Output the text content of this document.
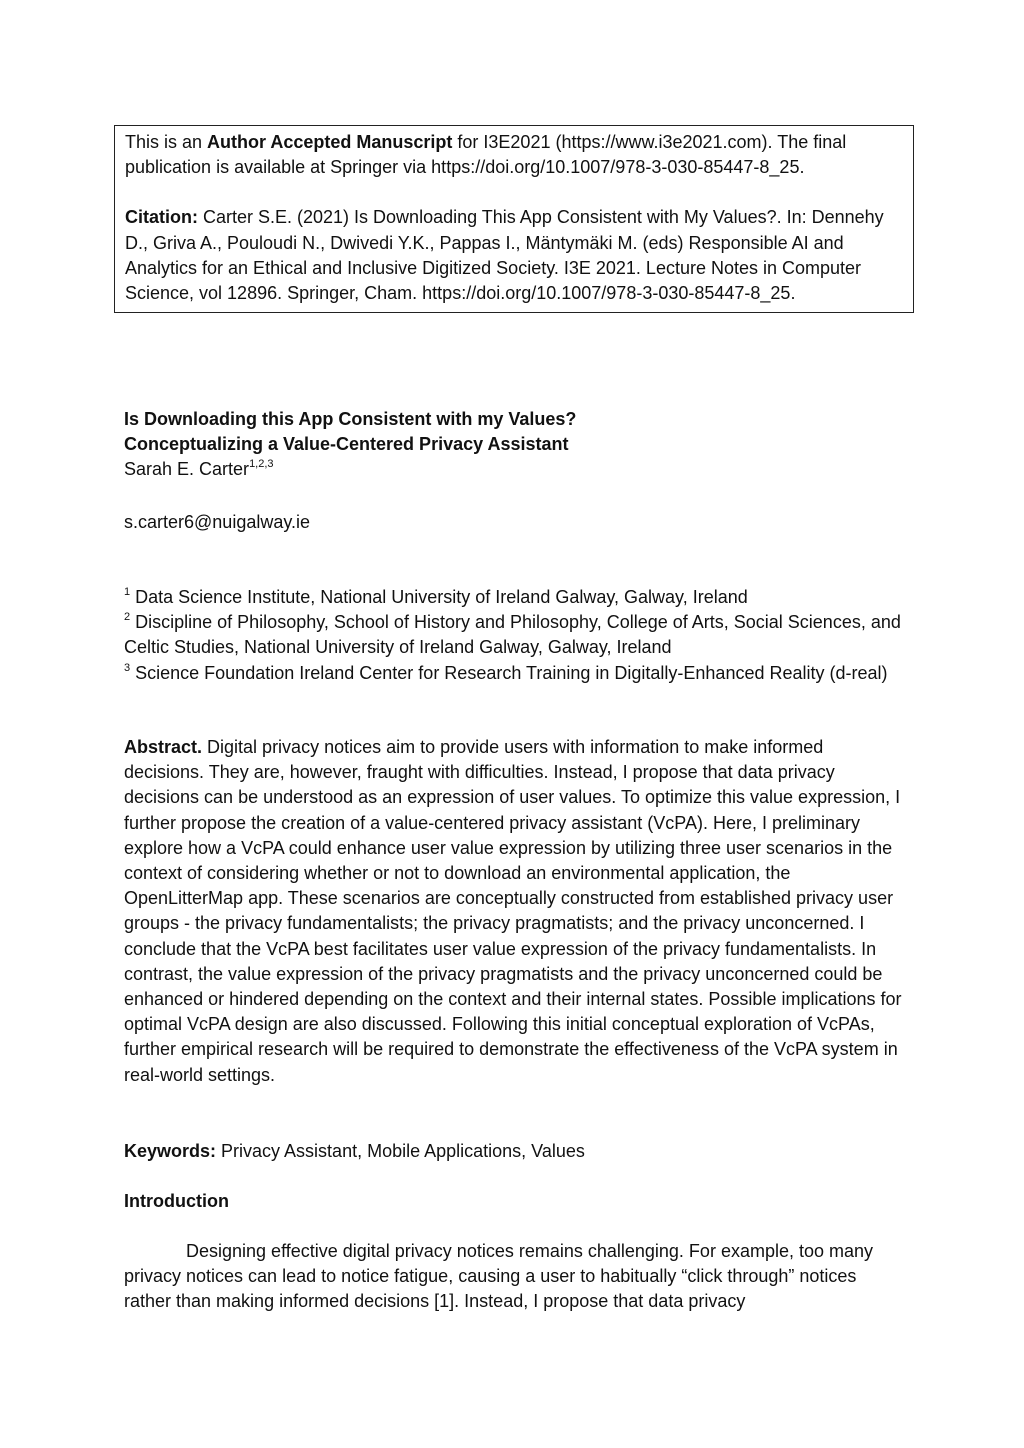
This is an Author Accepted Manuscript for I3E2021 (https://www.i3e2021.com). The final publication is available at Springer via https://doi.org/10.1007/978-3-030-85447-8_25.

Citation: Carter S.E. (2021) Is Downloading This App Consistent with My Values?. In: Dennehy D., Griva A., Pouloudi N., Dwivedi Y.K., Pappas I., Mäntymäki M. (eds) Responsible AI and Analytics for an Ethical and Inclusive Digitized Society. I3E 2021. Lecture Notes in Computer Science, vol 12896. Springer, Cham. https://doi.org/10.1007/978-3-030-85447-8_25.

Is Downloading this App Consistent with my Values?

Conceptualizing a Value-Centered Privacy Assistant

Sarah E. Carter$^{1,2,3}$

s.carter6@nuigalway.ie

$^1$ Data Science Institute, National University of Ireland Galway, Galway, Ireland

$^2$ Discipline of Philosophy, School of History and Philosophy, College of Arts, Social Sciences, and Celtic Studies, National University of Ireland Galway, Galway, Ireland

$^3$ Science Foundation Ireland Center for Research Training in Digitally-Enhanced Reality (d-real)

Abstract. Digital privacy notices aim to provide users with information to make informed decisions. They are, however, fraught with difficulties. Instead, I propose that data privacy decisions can be understood as an expression of user values. To optimize this value expression, I further propose the creation of a value-centered privacy assistant (VcPA). Here, I preliminary explore how a VcPA could enhance user value expression by utilizing three user scenarios in the context of considering whether or not to download an environmental application, the OpenLitterMap app. These scenarios are conceptually constructed from established privacy user groups - the privacy fundamentalists; the privacy pragmatists; and the privacy unconcerned. I conclude that the VcPA best facilitates user value expression of the privacy fundamentalists. In contrast, the value expression of the privacy pragmatists and the privacy unconcerned could be enhanced or hindered depending on the context and their internal states. Possible implications for optimal VcPA design are also discussed. Following this initial conceptual exploration of VcPAs, further empirical research will be required to demonstrate the effectiveness of the VcPA system in real-world settings.

Keywords: Privacy Assistant, Mobile Applications, Values

Introduction

Designing effective digital privacy notices remains challenging. For example, too many privacy notices can lead to notice fatigue, causing a user to habitually “click through” notices rather than making informed decisions [1]. Instead, I propose that data privacy
